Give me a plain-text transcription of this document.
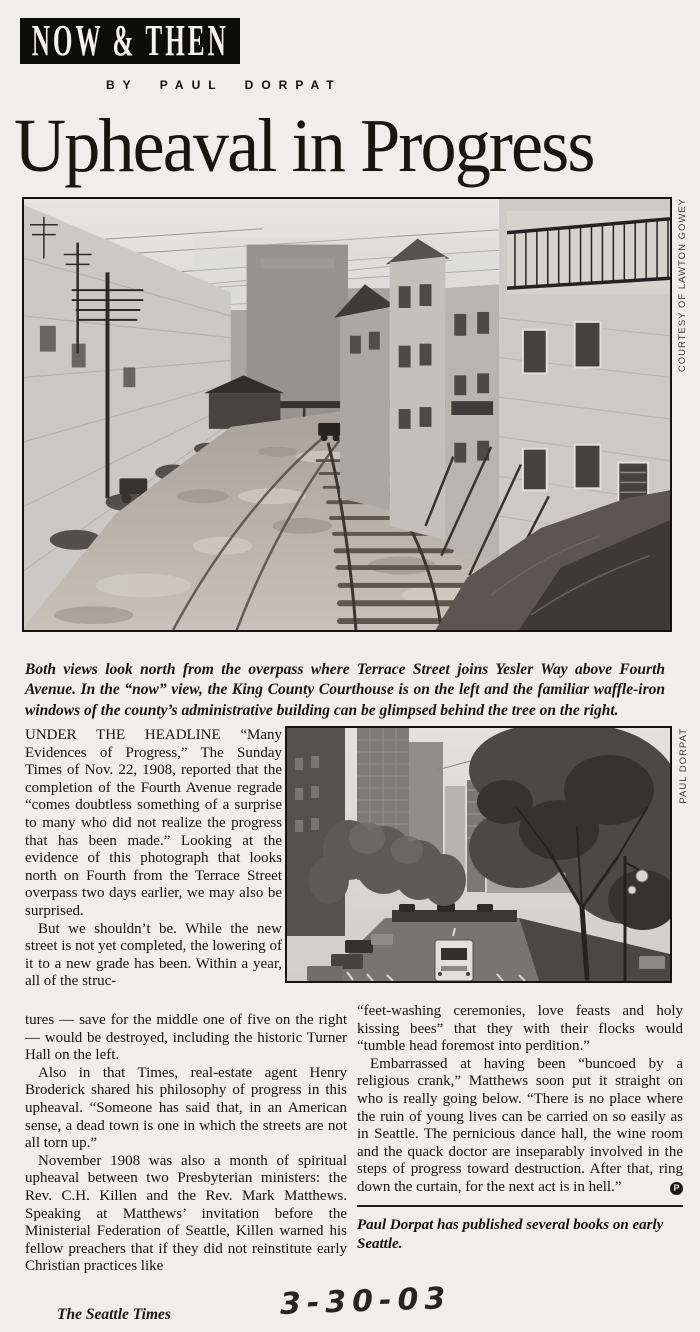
NOW & THEN
BY PAUL DORPAT
Upheaval in Progress
COURTESY OF LAWTON GOWEY

Both views look north from the overpass where Terrace Street joins Yesler Way above Fourth Avenue. In the “now” view, the King County Courthouse is on the left and the familiar waffle-iron windows of the county’s administrative building can be glimpsed behind the tree on the right.

UNDER THE HEADLINE “Many Evidences of Progress,” The Sunday Times of Nov. 22, 1908, reported that the completion of the Fourth Avenue regrade “comes doubtless something of a surprise to many who did not realize the progress that has been made.” Looking at the evidence of this photograph that looks north on Fourth from the Terrace Street overpass two days earlier, we may also be surprised.

But we shouldn’t be. While the new street is not yet completed, the lowering of it to a new grade has been. Within a year, all of the struc-

PAUL DORPAT

tures — save for the middle one of five on the right — would be destroyed, including the historic Turner Hall on the left.

Also in that Times, real-estate agent Henry Broderick shared his philosophy of progress in this upheaval. “Someone has said that, in an American sense, a dead town is one in which the streets are not all torn up.”

November 1908 was also a month of spiritual upheaval between two Presbyterian ministers: the Rev. C.H. Killen and the Rev. Mark Matthews. Speaking at Matthews’ invitation before the Ministerial Federation of Seattle, Killen warned his fellow preachers that if they did not reinstitute early Christian practices like

“feet-washing ceremonies, love feasts and holy kissing bees” that they with their flocks would “tumble head foremost into perdition.”

Embarrassed at having been “buncoed by a religious crank,” Matthews soon put it straight on who is really going below. “There is no place where the ruin of young lives can be carried on so easily as in Seattle. The pernicious dance hall, the wine room and the quack doctor are inseparably involved in the steps of progress toward destruction. After that, ring down the curtain, for the next act is in hell.”	P

Paul Dorpat has published several books on early Seattle.

The Seattle Times	3-30-03
